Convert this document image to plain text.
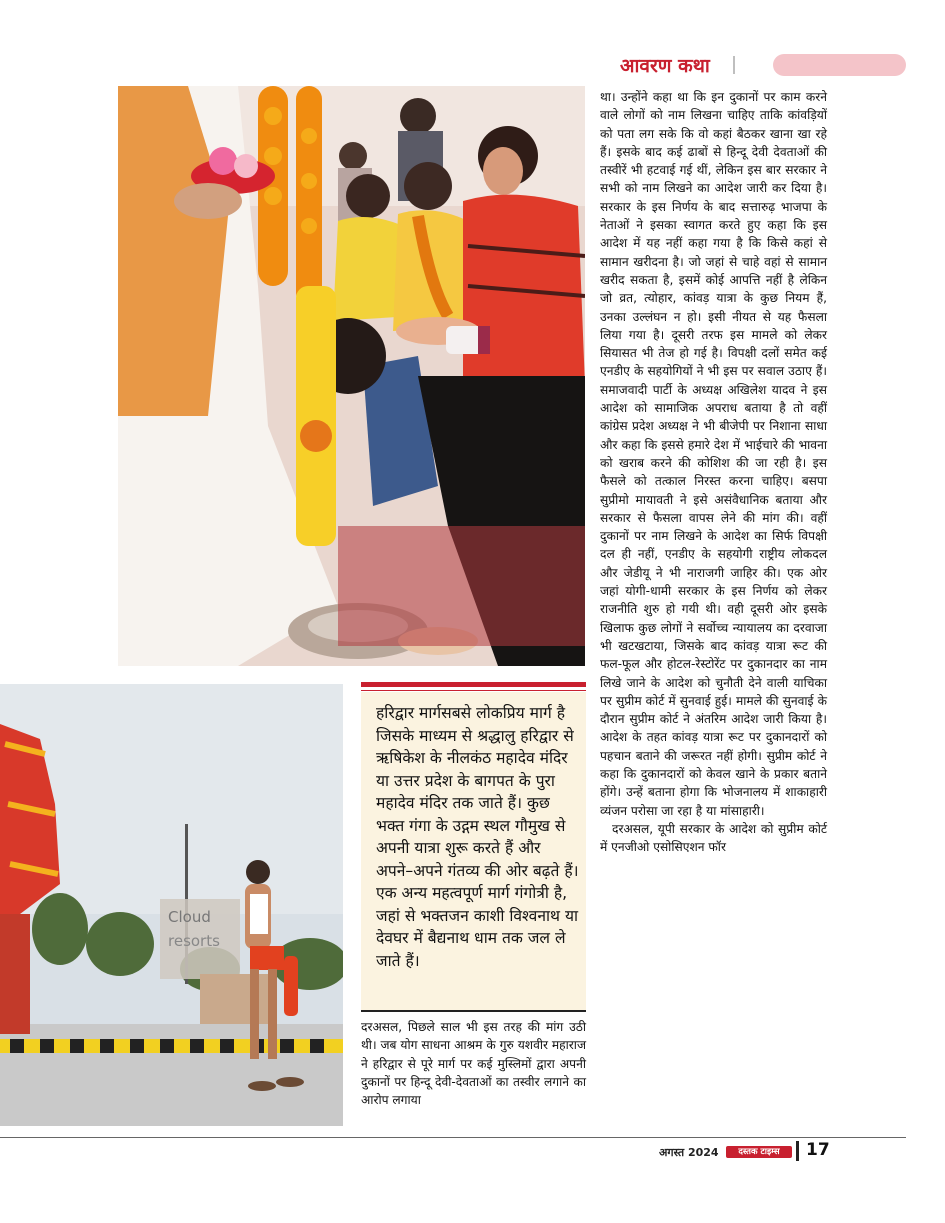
आवरण कथा
Cloud
resorts
हरिद्वार मार्गसबसे लोकप्रिय मार्ग है जिसके माध्यम से श्रद्धालु हरिद्वार से ऋषिकेश के नीलकंठ महादेव मंदिर या उत्तर प्रदेश के बागपत के पुरा महादेव मंदिर तक जाते हैं। कुछ भक्त गंगा के उद्गम स्थल गौमुख से अपनी यात्रा शुरू करते हैं और अपने–अपने गंतव्य की ओर बढ़ते हैं। एक अन्य महत्वपूर्ण मार्ग गंगोत्री है, जहां से भक्तजन काशी विश्वनाथ या देवघर में बैद्यनाथ धाम तक जल ले जाते हैं।

दरअसल, पिछले साल भी इस तरह की मांग उठी थी। जब योग साधना आश्रम के गुरु यशवीर महाराज ने हरिद्वार से पूरे मार्ग पर कई मुस्लिमों द्वारा अपनी दुकानों पर हिन्दू देवी-देवताओं का तस्वीर लगाने का आरोप लगाया

था। उन्होंने कहा था कि इन दुकानों पर काम करने वाले लोगों को नाम लिखना चाहिए ताकि कांवड़ियों को पता लग सके कि वो कहां बैठकर खाना खा रहे हैं। इसके बाद कई ढाबों से हिन्दू देवी देवताओं की तस्वीरें भी हटवाई गई थीं, लेकिन इस बार सरकार ने सभी को नाम लिखने का आदेश जारी कर दिया है। सरकार के इस निर्णय के बाद सत्तारुढ़ भाजपा के नेताओं ने इसका स्वागत करते हुए कहा कि इस आदेश में यह नहीं कहा गया है कि किसे कहां से सामान खरीदना है। जो जहां से चाहे वहां से सामान खरीद सकता है, इसमें कोई आपत्ति नहीं है लेकिन जो व्रत, त्योहार, कांवड़ यात्रा के कुछ नियम हैं, उनका उल्लंघन न हो। इसी नीयत से यह फैसला लिया गया है। दूसरी तरफ इस मामले को लेकर सियासत भी तेज हो गई है। विपक्षी दलों समेत कई एनडीए के सहयोगियों ने भी इस पर सवाल उठाए हैं। समाजवादी पार्टी के अध्यक्ष अखिलेश यादव ने इस आदेश को सामाजिक अपराध बताया है तो वहीं कांग्रेस प्रदेश अध्यक्ष ने भी बीजेपी पर निशाना साधा और कहा कि इससे हमारे देश में भाईचारे की भावना को खराब करने की कोशिश की जा रही है। इस फैसले को तत्काल निरस्त करना चाहिए। बसपा सुप्रीमो मायावती ने इसे असंवैधानिक बताया और सरकार से फैसला वापस लेने की मांग की। वहीं दुकानों पर नाम लिखने के आदेश का सिर्फ विपक्षी दल ही नहीं, एनडीए के सहयोगी राष्ट्रीय लोकदल और जेडीयू ने भी नाराजगी जाहिर की। एक ओर जहां योगी-धामी सरकार के इस निर्णय को लेकर राजनीति शुरु हो गयी थी। वही दूसरी ओर इसके खिलाफ कुछ लोगों ने सर्वोच्च न्यायालय का दरवाजा भी खटखटाया, जिसके बाद कांवड़ यात्रा रूट की फल-फूल और होटल-रेस्टोरेंट पर दुकानदार का नाम लिखे जाने के आदेश को चुनौती देने वाली याचिका पर सुप्रीम कोर्ट में सुनवाई हुई। मामले की सुनवाई के दौरान सुप्रीम कोर्ट ने अंतरिम आदेश जारी किया है। आदेश के तहत कांवड़ यात्रा रूट पर दुकानदारों को पहचान बताने की जरूरत नहीं होगी। सुप्रीम कोर्ट ने कहा कि दुकानदारों को केवल खाने के प्रकार बताने होंगे। उन्हें बताना होगा कि भोजनालय में शाकाहारी व्यंजन परोसा जा रहा है या मांसाहारी।

दरअसल, यूपी सरकार के आदेश को सुप्रीम कोर्ट में एनजीओ एसोसिएशन फॉर

अगस्त 2024	दस्तक टाइम्स	17
